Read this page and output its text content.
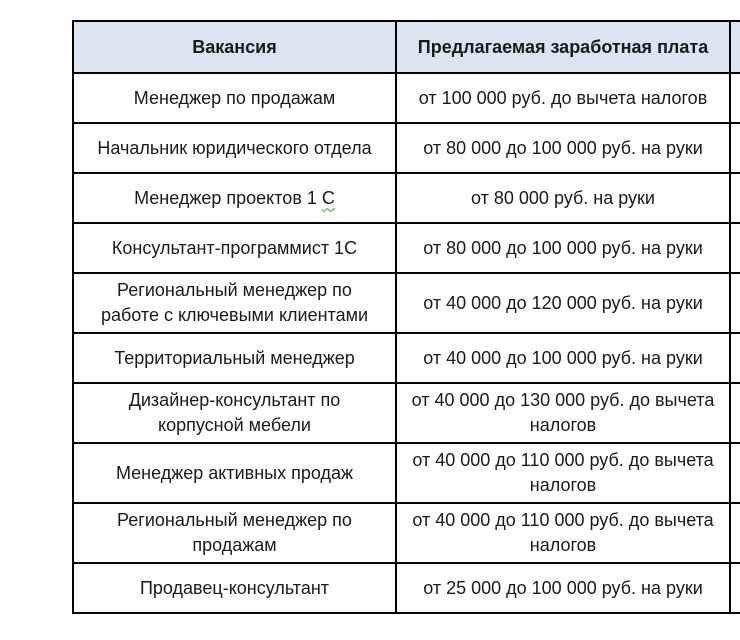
Вакансия	Предлагаемая заработная плата	
Менеджер по продажам	от 100 000 руб. до вычета налогов	
Начальник юридического отдела	от 80 000 до 100 000 руб. на руки	
Менеджер проектов 1 С	от 80 000 руб. на руки	
Консультант-программист 1С	от 80 000 до 100 000 руб. на руки	
Региональный менеджер по работе с ключевыми клиентами	от 40 000 до 120 000 руб. на руки	
Территориальный менеджер	от 40 000 до 100 000 руб. на руки	
Дизайнер-консультант по корпусной мебели	от 40 000 до 130 000 руб. до вычета налогов	
Менеджер активных продаж	от 40 000 до 110 000 руб. до вычета налогов	
Региональный менеджер по продажам	от 40 000 до 110 000 руб. до вычета налогов	
Продавец-консультант	от 25 000 до 100 000 руб. на руки	
